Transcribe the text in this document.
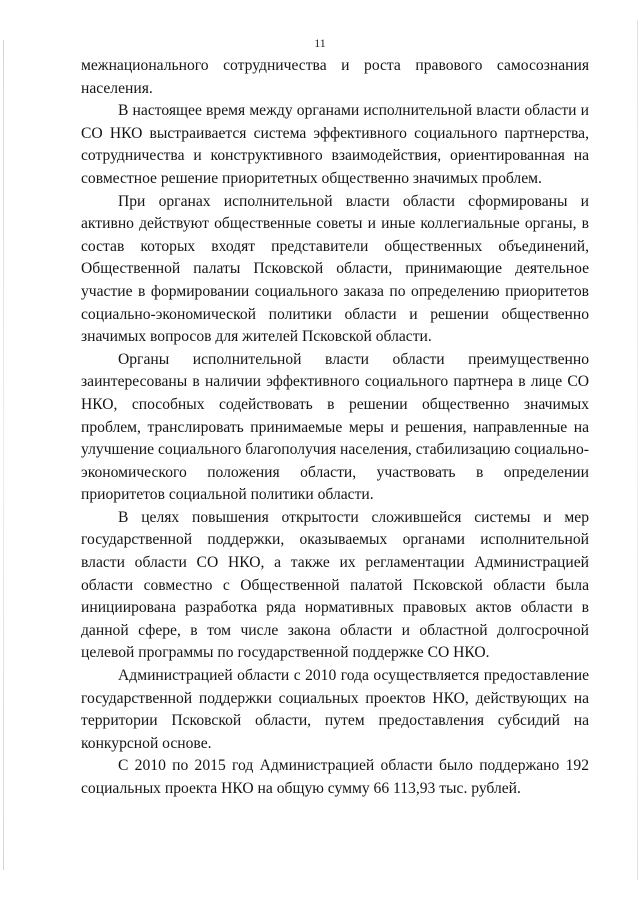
11

межнационального сотрудничества и роста правового самосознания населения.

В настоящее время между органами исполнительной власти области и СО НКО выстраивается система эффективного социального партнерства, сотрудничества и конструктивного взаимодействия, ориентированная на совместное решение приоритетных общественно значимых проблем.

При органах исполнительной власти области сформированы и активно действуют общественные советы и иные коллегиальные органы, в состав которых входят представители общественных объединений, Общественной палаты Псковской области, принимающие деятельное участие в формировании социального заказа по определению приоритетов социально-экономической политики области и решении общественно значимых вопросов для жителей Псковской области.

Органы исполнительной власти области преимущественно заинтересованы в наличии эффективного социального партнера в лице СО НКО, способных содействовать в решении общественно значимых проблем, транслировать принимаемые меры и решения, направленные на улучшение социального благополучия населения, стабилизацию социально-экономического положения области, участвовать в определении приоритетов социальной политики области.

В целях повышения открытости сложившейся системы и мер государственной поддержки, оказываемых органами исполнительной власти области СО НКО, а также их регламентации Администрацией области совместно с Общественной палатой Псковской области была инициирована разработка ряда нормативных правовых актов области в данной сфере, в том числе закона области и областной долгосрочной целевой программы по государственной поддержке СО НКО.

Администрацией области с 2010 года осуществляется предоставление государственной поддержки социальных проектов НКО, действующих на территории Псковской области, путем предоставления субсидий на конкурсной основе.

С 2010 по 2015 год Администрацией области было поддержано 192 социальных проекта НКО на общую сумму 66 113,93 тыс. рублей.
